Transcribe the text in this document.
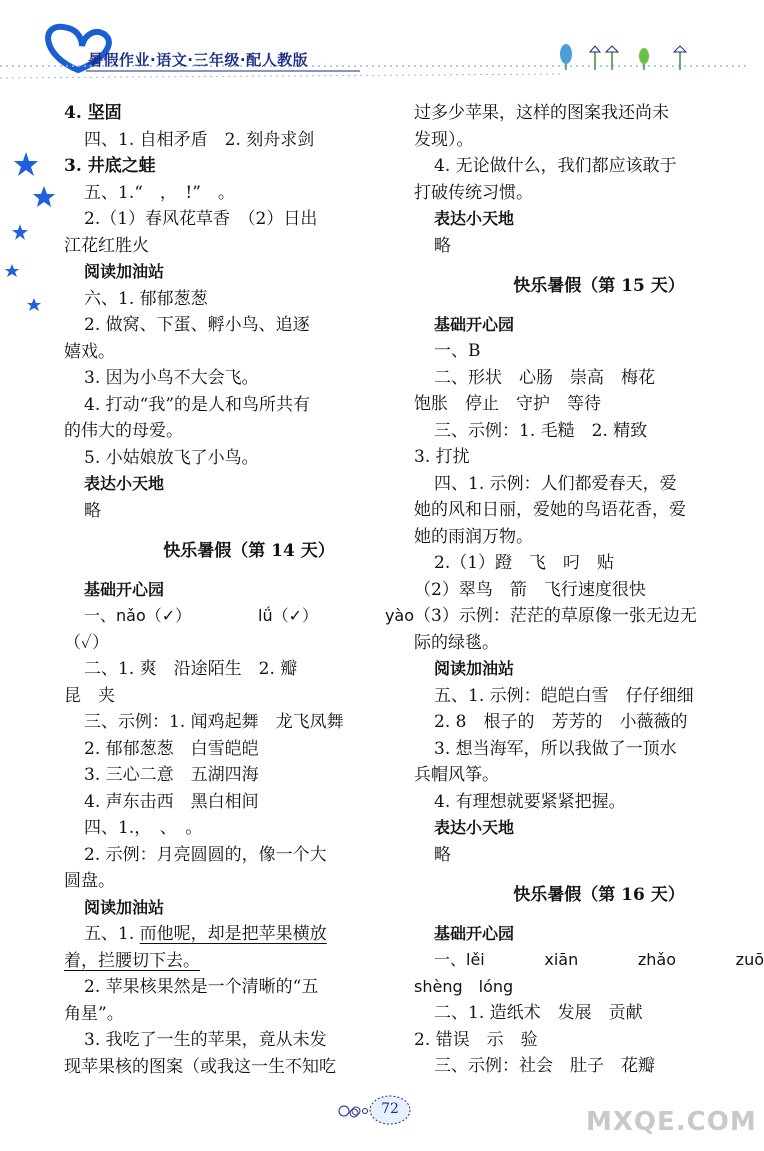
暑假作业·语文·三年级·配人教版
4. 坚固
四、1. 自相矛盾　2. 刻舟求剑
3. 井底之蛙
五、1.“　，　!”　。
2.（1）春风花草香　（2）日出
江花红胜火
阅读加油站
六、1. 郁郁葱葱
2. 做窝、下蛋、孵小鸟、追逐
嬉戏。
3. 因为小鸟不大会飞。
4. 打动“我”的是人和鸟所共有
的伟大的母爱。
5. 小姑娘放飞了小鸟。
表达小天地
略
快乐暑假（第 14 天）
基础开心园
一、nǎo（✓）	lǘ（✓）	yào
（✓）
二、1. 爽　沿途陌生　2. 瓣
昆　夹
三、示例：1. 闻鸡起舞　龙飞凤舞
2. 郁郁葱葱　白雪皑皑
3. 三心二意　五湖四海
4. 声东击西　黑白相间
四、1.，　、　。
2. 示例：月亮圆圆的，像一个大
圆盘。
阅读加油站
五、1. 而他呢，却是把苹果横放
着，拦腰切下去。
2. 苹果核果然是一个清晰的“五
角星”。
3. 我吃了一生的苹果，竟从未发
现苹果核的图案（或我这一生不知吃
过多少苹果，这样的图案我还尚未
发现）。
4. 无论做什么，我们都应该敢于
打破传统习惯。
表达小天地
略
快乐暑假（第 15 天）
基础开心园
一、B
二、形状　心肠　崇高　梅花
饱胀　停止　守护　等待
三、示例：1. 毛糙　2. 精致
3. 打扰
四、1. 示例：人们都爱春天，爱
她的风和日丽，爱她的鸟语花香，爱
她的雨润万物。
2.（1）蹬　飞　叼　贴
（2）翠鸟　箭　飞行速度很快
（3）示例：茫茫的草原像一张无边无
际的绿毯。
阅读加油站
五、1. 示例：皑皑白雪　仔仔细细
2. 8　根子的　芳芳的　小薇薇的
3. 想当海军，所以我做了一顶水
兵帽风筝。
4. 有理想就要紧紧把握。
表达小天地
略
快乐暑假（第 16 天）
基础开心园
一、lěi	xiān	zhǎo	zuō
shèng　lóng
二、1. 造纸术　发展　贡献
2. 错误　示　验
三、示例：社会　肚子　花瓣
72	MXQE.COM
